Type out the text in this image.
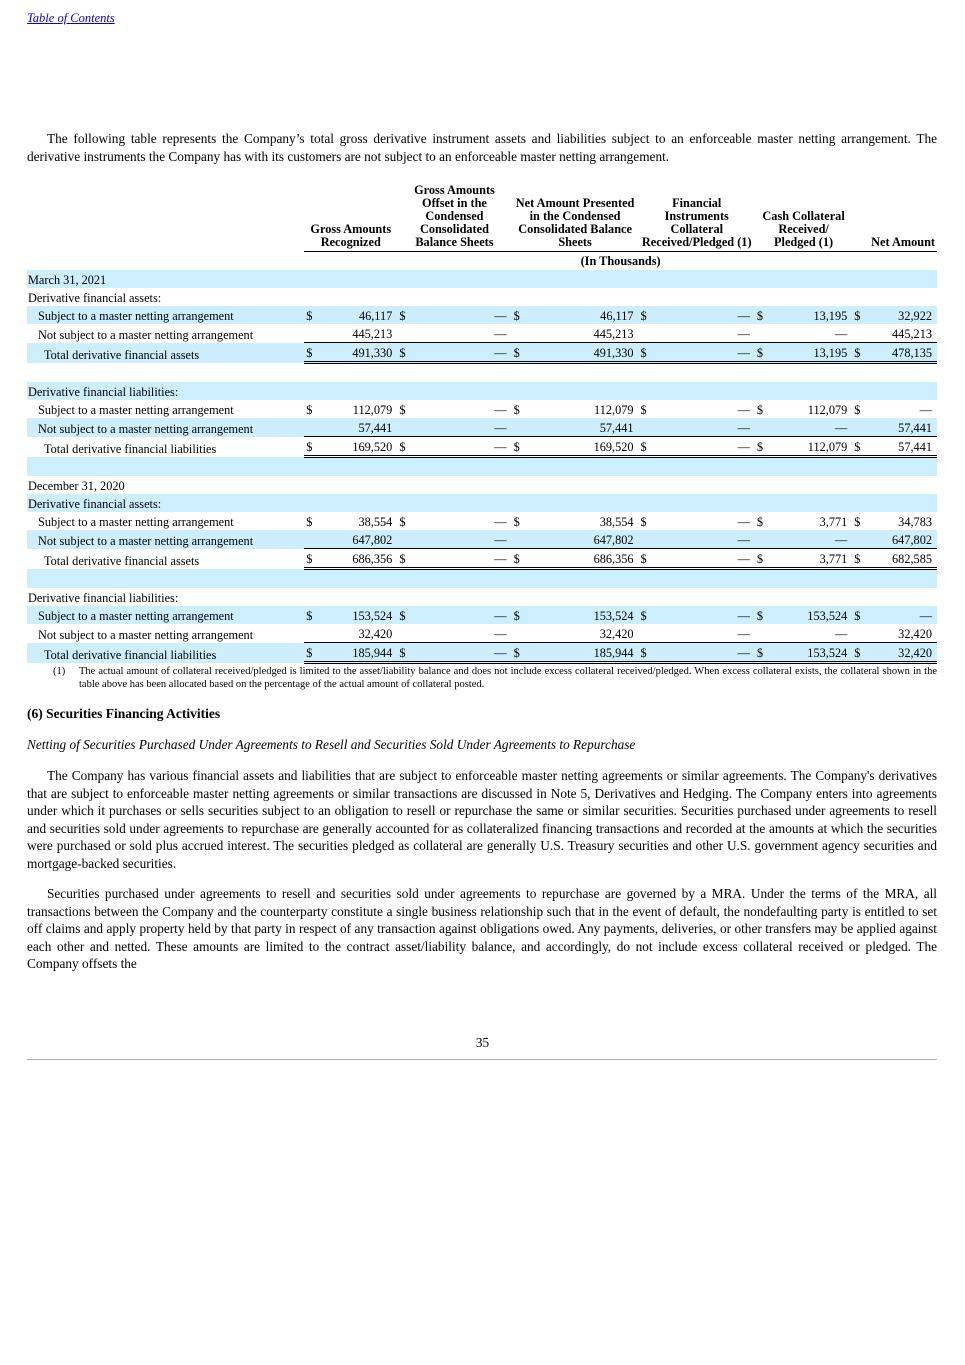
Table of Contents
The following table represents the Company’s total gross derivative instrument assets and liabilities subject to an enforceable master netting arrangement. The derivative instruments the Company has with its customers are not subject to an enforceable master netting arrangement.
	Gross Amounts Recognized		Gross Amounts Offset in the Condensed Consolidated Balance Sheets		Net Amount Presented in the Condensed Consolidated Balance Sheets		Financial Instruments Collateral Received/Pledged (1)		Cash Collateral Received/ Pledged (1)		Net Amount	
	(In Thousands)											
March 31, 2021												
Derivative financial assets:												
Subject to a master netting arrangement	$	46,117	$	—	$	46,117	$	—	$	13,195	$	32,922
Not subject to a master netting arrangement		445,213		—		445,213		—		—		445,213
Total derivative financial assets	$	491,330	$	—	$	491,330	$	—	$	13,195	$	478,135

Derivative financial liabilities:												
Subject to a master netting arrangement	$	112,079	$	—	$	112,079	$	—	$	112,079	$	—
Not subject to a master netting arrangement		57,441		—		57,441		—		—		57,441
Total derivative financial liabilities	$	169,520	$	—	$	169,520	$	—	$	112,079	$	57,441

December 31, 2020												
Derivative financial assets:												
Subject to a master netting arrangement	$	38,554	$	—	$	38,554	$	—	$	3,771	$	34,783
Not subject to a master netting arrangement		647,802		—		647,802		—		—		647,802
Total derivative financial assets	$	686,356	$	—	$	686,356	$	—	$	3,771	$	682,585

Derivative financial liabilities:												
Subject to a master netting arrangement	$	153,524	$	—	$	153,524	$	—	$	153,524	$	—
Not subject to a master netting arrangement		32,420		—		32,420		—		—		32,420
Total derivative financial liabilities	$	185,944	$	—	$	185,944	$	—	$	153,524	$	32,420
(1) The actual amount of collateral received/pledged is limited to the asset/liability balance and does not include excess collateral received/pledged. When excess collateral exists, the collateral shown in the table above has been allocated based on the percentage of the actual amount of collateral posted.
(6) Securities Financing Activities
Netting of Securities Purchased Under Agreements to Resell and Securities Sold Under Agreements to Repurchase
The Company has various financial assets and liabilities that are subject to enforceable master netting agreements or similar agreements. The Company's derivatives that are subject to enforceable master netting agreements or similar transactions are discussed in Note 5, Derivatives and Hedging. The Company enters into agreements under which it purchases or sells securities subject to an obligation to resell or repurchase the same or similar securities. Securities purchased under agreements to resell and securities sold under agreements to repurchase are generally accounted for as collateralized financing transactions and recorded at the amounts at which the securities were purchased or sold plus accrued interest. The securities pledged as collateral are generally U.S. Treasury securities and other U.S. government agency securities and mortgage-backed securities.
Securities purchased under agreements to resell and securities sold under agreements to repurchase are governed by a MRA. Under the terms of the MRA, all transactions between the Company and the counterparty constitute a single business relationship such that in the event of default, the nondefaulting party is entitled to set off claims and apply property held by that party in respect of any transaction against obligations owed. Any payments, deliveries, or other transfers may be applied against each other and netted. These amounts are limited to the contract asset/liability balance, and accordingly, do not include excess collateral received or pledged. The Company offsets the
35
